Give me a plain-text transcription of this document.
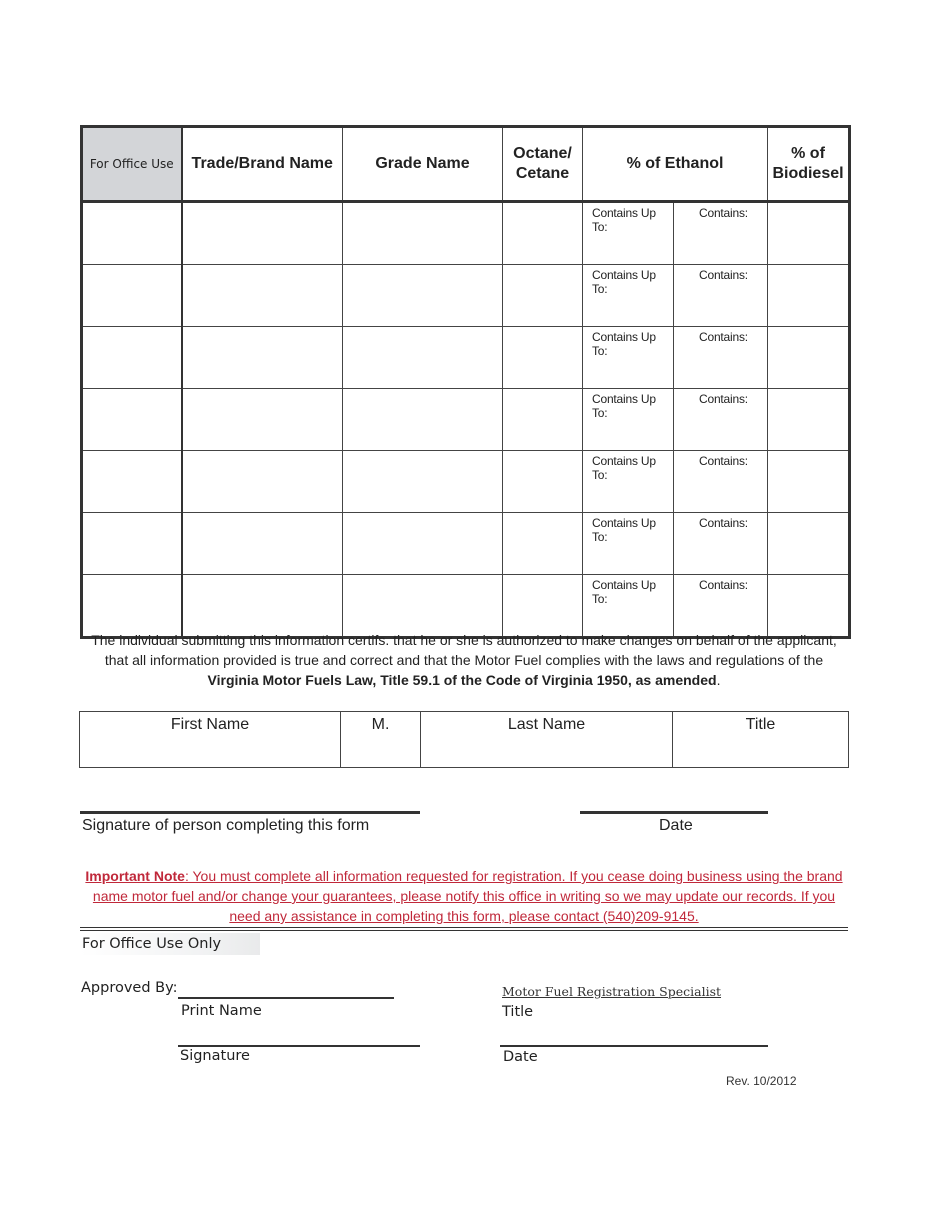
For Office Use	Trade/Brand Name	Grade Name	Octane/
Cetane	% of Ethanol		% of
Biodiesel
				Contains Up To:	Contains:	
				Contains Up To:	Contains:	
				Contains Up To:	Contains:	
				Contains Up To:	Contains:	
				Contains Up To:	Contains:	
				Contains Up To:	Contains:	
				Contains Up To:	Contains:	
The individual submitting this information certifs. that he or she is authorized to make changes on behalf of the applicant, that all information provided is true and correct and that the Motor Fuel complies with the laws and regulations of the Virginia Motor Fuels Law, Title 59.1 of the Code of Virginia 1950, as amended.
First Name	M.	Last Name	Title
Signature of person completing this form	Date
Important Note: You must complete all information requested for registration. If you cease doing business using the brand name motor fuel and/or change your guarantees, please notify this office in writing so we may update our records. If you need any assistance in completing this form, please contact (540)209-9145.
For Office Use Only
Approved By:
Print Name
Motor Fuel Registration Specialist
Title
Signature	Date
Rev. 10/2012
